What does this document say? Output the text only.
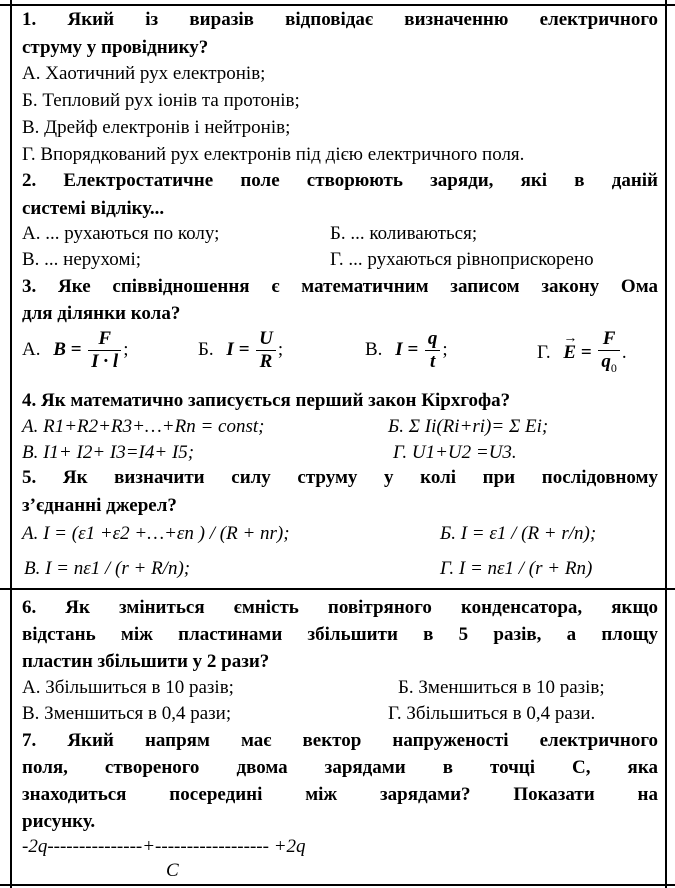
1. Який із виразів відповідає визначенню електричного
струму у провіднику?
А. Хаотичний рух електронів;
Б. Тепловий рух іонів та протонів;
В. Дрейф електронів і нейтронів;
Г. Впорядкований рух електронів під дією електричного поля.
2. Електростатичне поле створюють заряди, які в даній
системі відліку...
А. ... рухаються по колу;	Б. ... коливаються;
В. ... нерухомі;	Г. ... рухаються рівноприскорено
3. Яке співвідношення є математичним записом закону Ома
для ділянки кола?
А. $B = \frac{F}{I \cdot l}$ ;	Б. $I = \frac{U}{R}$ ;	В. $I = \frac{q}{t}$ ;	Г. → $E = \frac{F}{q_0}$ .
4. Як математично записується перший закон Кірхгофа?
А. R1+R2+R3+…+Rn = const;	Б. Σ Ii(Ri+ri)= Σ Ei;
В. I1+ I2+ I3=I4+ I5;	Г. U1+U2 =U3.
5. Як визначити силу струму у колі при послідовному
з’єднанні джерел?
А. I = (ε1 +ε2 +…+εn ) / (R + nr);	Б. I = ε1 / (R + r/n);
В. I = nε1 / (r + R/n);	Г. I = nε1 / (r + Rn)
6. Як зміниться ємність повітряного конденсатора, якщо
відстань між пластинами збільшити в 5 разів, а площу
пластин збільшити у 2 рази?
А. Збільшиться в 10 разів;	Б. Зменшиться в 10 разів;
В. Зменшиться в 0,4 рази;	Г. Збільшиться в 0,4 рази.
7. Який напрям має вектор напруженості електричного
поля, створеного двома зарядами в точці С, яка
знаходиться посередині між зарядами? Показати на
рисунку.
-2q---------------+------------------ +2q
C
